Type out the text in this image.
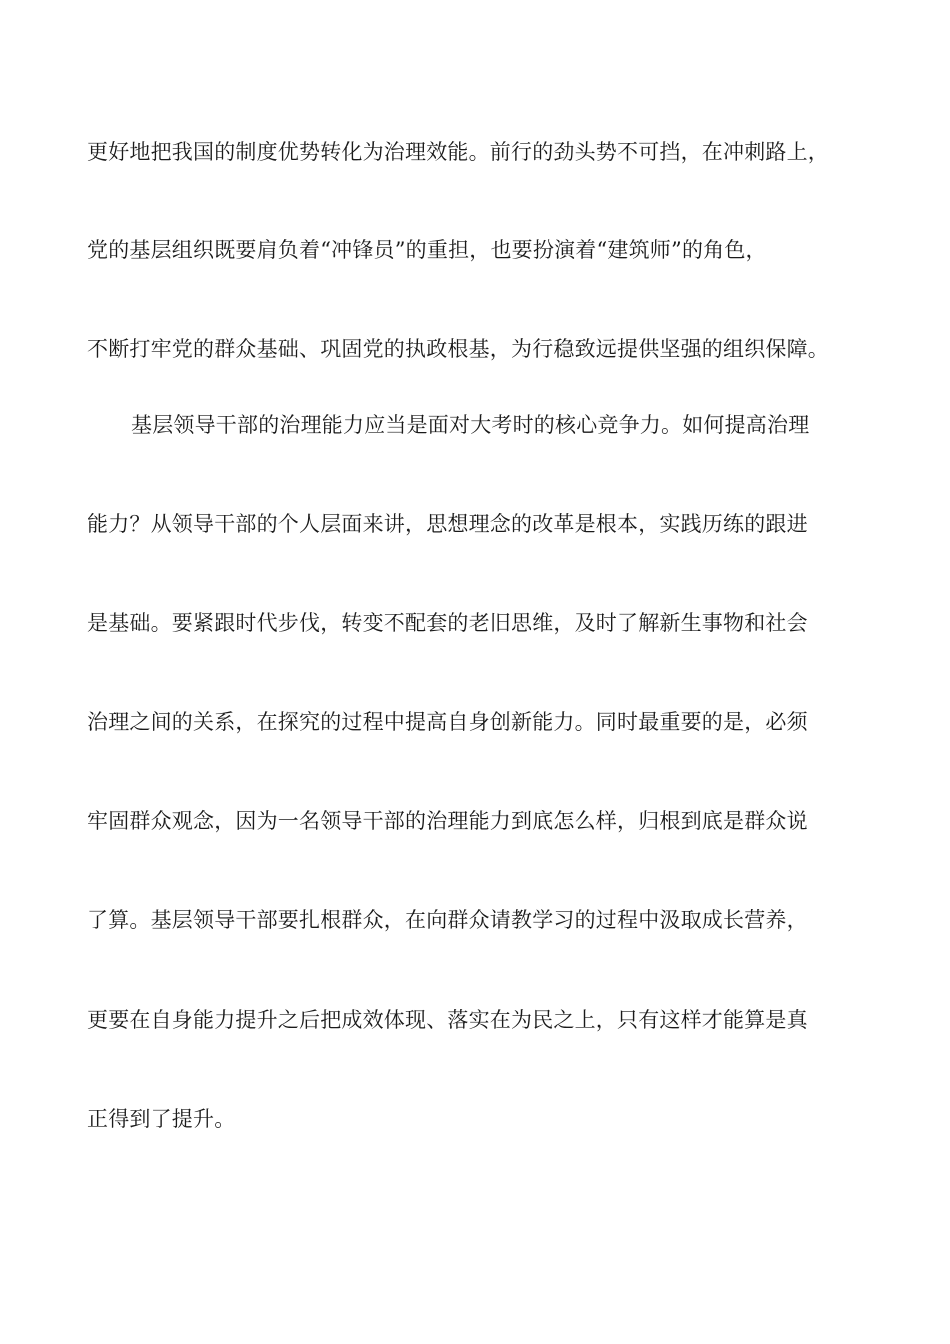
更好地把我国的制度优势转化为治理效能。前行的劲头势不可挡，在冲刺路上，
党的基层组织既要肩负着“冲锋员”的重担，也要扮演着“建筑师”的角色，
不断打牢党的群众基础、巩固党的执政根基，为行稳致远提供坚强的组织保障。
基层领导干部的治理能力应当是面对大考时的核心竞争力。如何提高治理
能力？从领导干部的个人层面来讲，思想理念的改革是根本，实践历练的跟进
是基础。要紧跟时代步伐，转变不配套的老旧思维，及时了解新生事物和社会
治理之间的关系，在探究的过程中提高自身创新能力。同时最重要的是，必须
牢固群众观念，因为一名领导干部的治理能力到底怎么样，归根到底是群众说
了算。基层领导干部要扎根群众，在向群众请教学习的过程中汲取成长营养，
更要在自身能力提升之后把成效体现、落实在为民之上，只有这样才能算是真
正得到了提升。
